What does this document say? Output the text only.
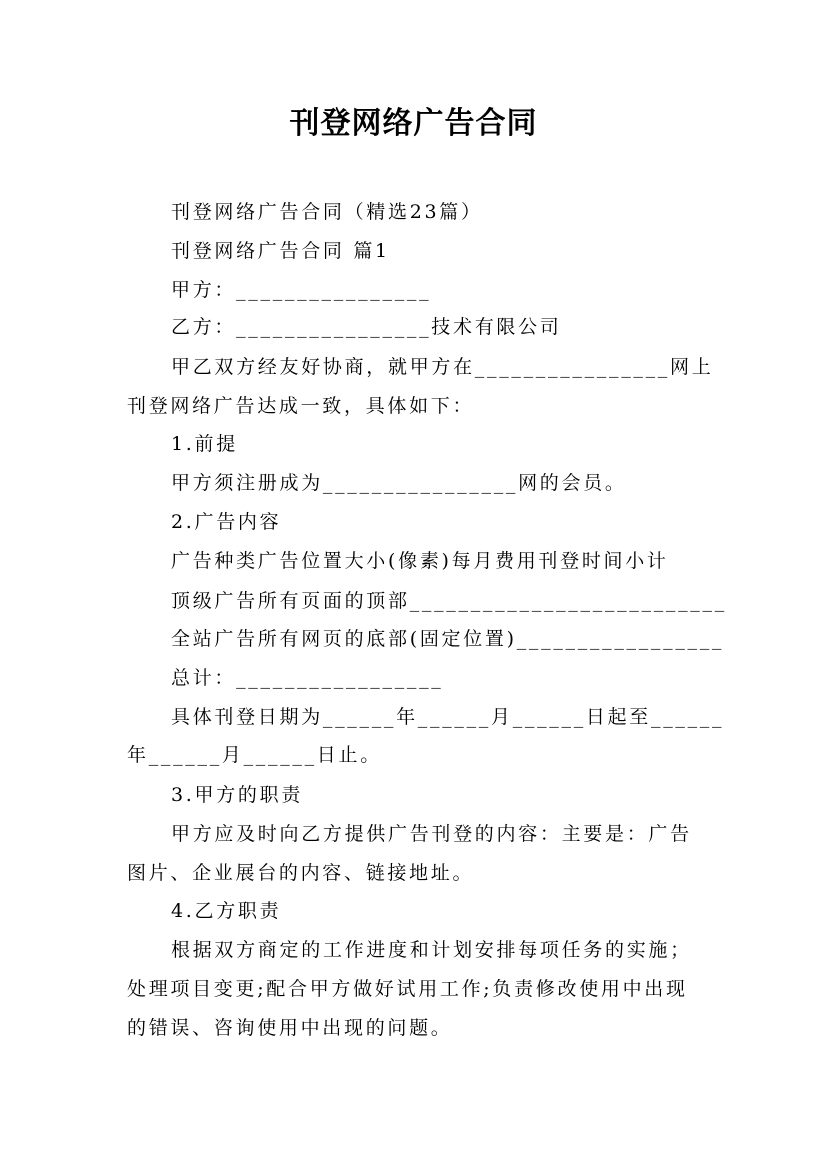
刊登网络广告合同
刊登网络广告合同（精选23篇）
刊登网络广告合同 篇1
甲方：________________
乙方：________________技术有限公司
甲乙双方经友好协商，就甲方在________________网上
刊登网络广告达成一致，具体如下：
1.前提
甲方须注册成为________________网的会员。
2.广告内容
广告种类广告位置大小(像素)每月费用刊登时间小计
顶级广告所有页面的顶部__________________________
全站广告所有网页的底部(固定位置)_________________
总计：_________________
具体刊登日期为______年______月______日起至______
年______月______日止。
3.甲方的职责
甲方应及时向乙方提供广告刊登的内容：主要是：广告
图片、企业展台的内容、链接地址。
4.乙方职责
根据双方商定的工作进度和计划安排每项任务的实施；
处理项目变更;配合甲方做好试用工作;负责修改使用中出现
的错误、咨询使用中出现的问题。
